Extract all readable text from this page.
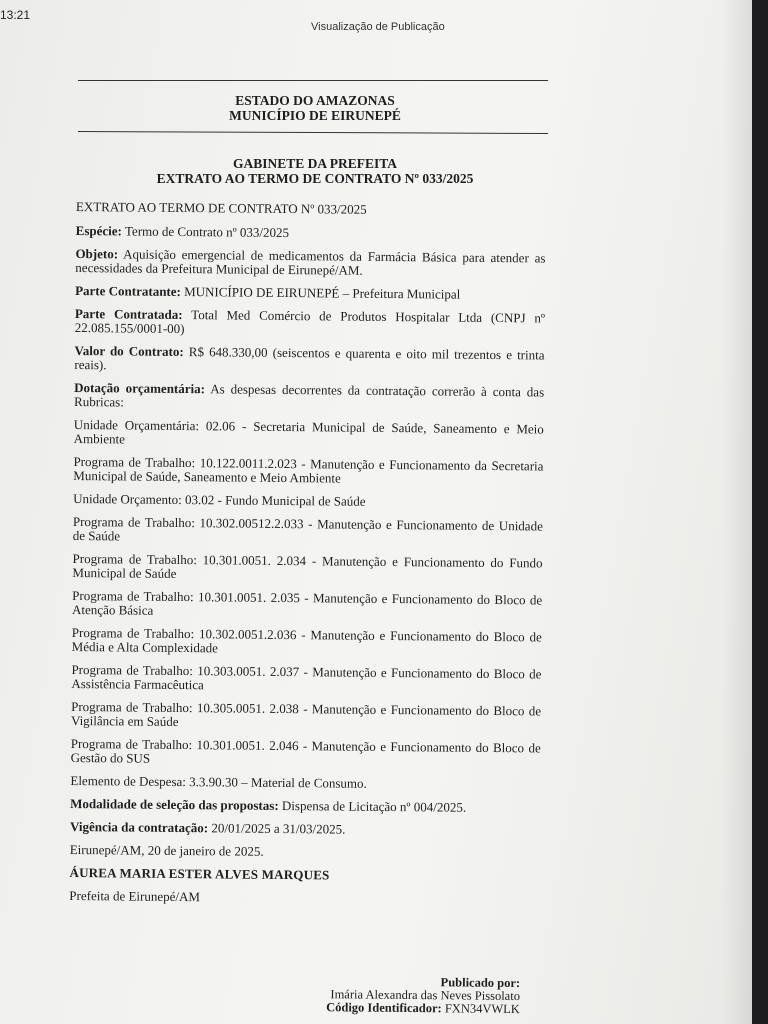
13:21
Visualização de Publicação
ESTADO DO AMAZONAS
MUNICÍPIO DE EIRUNEPÉ
GABINETE DA PREFEITA
EXTRATO AO TERMO DE CONTRATO Nº 033/2025

EXTRATO AO TERMO DE CONTRATO Nº 033/2025

Espécie: Termo de Contrato nº 033/2025

Objeto: Aquisição emergencial de medicamentos da Farmácia Básica para atender as necessidades da Prefeitura Municipal de Eirunepé/AM.

Parte Contratante: MUNICÍPIO DE EIRUNEPÉ – Prefeitura Municipal

Parte Contratada: Total Med Comércio de Produtos Hospitalar Ltda (CNPJ nº 22.085.155/0001-00)

Valor do Contrato: R$ 648.330,00 (seiscentos e quarenta e oito mil trezentos e trinta reais).

Dotação orçamentária: As despesas decorrentes da contratação correrão à conta das Rubricas:

Unidade Orçamentária: 02.06 - Secretaria Municipal de Saúde, Saneamento e Meio Ambiente

Programa de Trabalho: 10.122.0011.2.023 - Manutenção e Funcionamento da Secretaria Municipal de Saúde, Saneamento e Meio Ambiente

Unidade Orçamento: 03.02 - Fundo Municipal de Saúde

Programa de Trabalho: 10.302.00512.2.033 - Manutenção e Funcionamento de Unidade de Saúde

Programa de Trabalho: 10.301.0051. 2.034 - Manutenção e Funcionamento do Fundo Municipal de Saúde

Programa de Trabalho: 10.301.0051. 2.035 - Manutenção e Funcionamento do Bloco de Atenção Básica

Programa de Trabalho: 10.302.0051.2.036 - Manutenção e Funcionamento do Bloco de Média e Alta Complexidade

Programa de Trabalho: 10.303.0051. 2.037 - Manutenção e Funcionamento do Bloco de Assistência Farmacêutica

Programa de Trabalho: 10.305.0051. 2.038 - Manutenção e Funcionamento do Bloco de Vigilância em Saúde

Programa de Trabalho: 10.301.0051. 2.046 - Manutenção e Funcionamento do Bloco de Gestão do SUS

Elemento de Despesa: 3.3.90.30 – Material de Consumo.

Modalidade de seleção das propostas: Dispensa de Licitação nº 004/2025.

Vigência da contratação: 20/01/2025 a 31/03/2025.

Eirunepé/AM, 20 de janeiro de 2025.

ÁUREA MARIA ESTER ALVES MARQUES

Prefeita de Eirunepé/AM

Publicado por:
Imária Alexandra das Neves Pissolato
Código Identificador: FXN34VWLK
